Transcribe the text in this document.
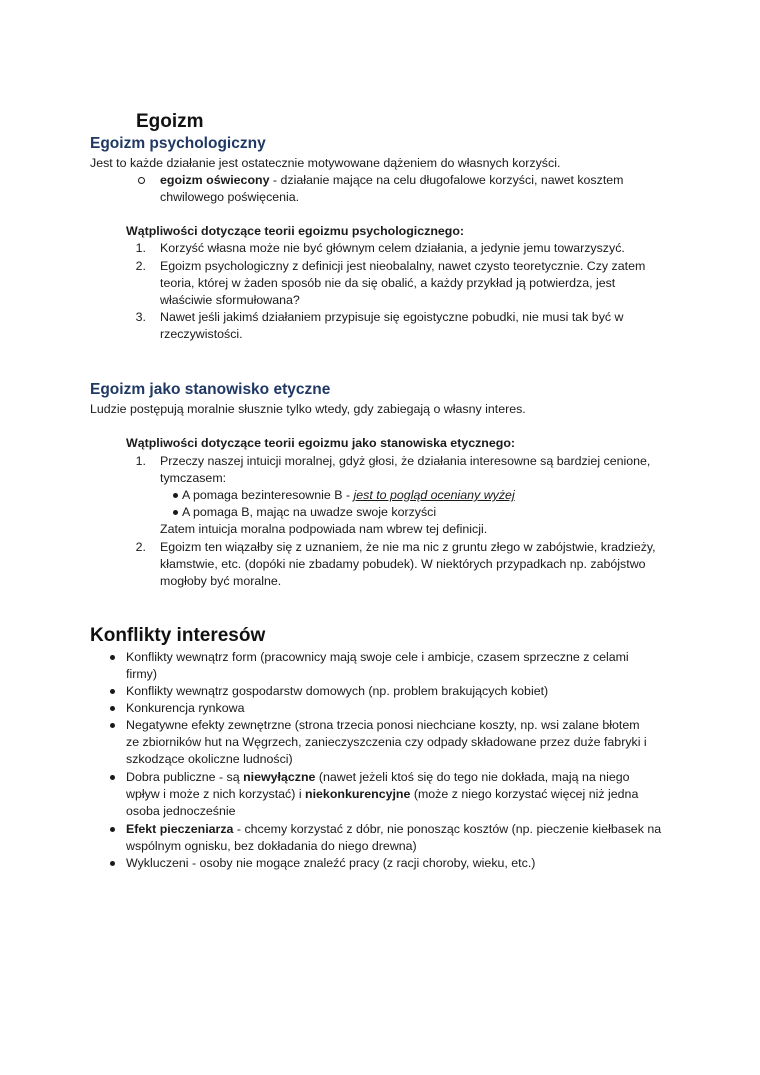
Egoizm
Egoizm psychologiczny
Jest to każde działanie jest ostatecznie motywowane dążeniem do własnych korzyści.
egoizm oświecony - działanie mające na celu długofalowe korzyści, nawet kosztem
chwilowego poświęcenia.
Wątpliwości dotyczące teorii egoizmu psychologicznego:
1. Korzyść własna może nie być głównym celem działania, a jedynie jemu towarzyszyć.
2. Egoizm psychologiczny z definicji jest nieobalalny, nawet czysto teoretycznie. Czy zatem
teoria, której w żaden sposób nie da się obalić, a każdy przykład ją potwierdza, jest
właściwie sformułowana?
3. Nawet jeśli jakimś działaniem przypisuje się egoistyczne pobudki, nie musi tak być w
rzeczywistości.
Egoizm jako stanowisko etyczne
Ludzie postępują moralnie słusznie tylko wtedy, gdy zabiegają o własny interes.
Wątpliwości dotyczące teorii egoizmu jako stanowiska etycznego:
1. Przeczy naszej intuicji moralnej, gdyż głosi, że działania interesowne są bardziej cenione,
tymczasem:
A pomaga bezinteresownie B - jest to pogląd oceniany wyżej
A pomaga B, mając na uwadze swoje korzyści
Zatem intuicja moralna podpowiada nam wbrew tej definicji.
2. Egoizm ten wiązałby się z uznaniem, że nie ma nic z gruntu złego w zabójstwie, kradzieży,
kłamstwie, etc. (dopóki nie zbadamy pobudek). W niektórych przypadkach np. zabójstwo
mogłoby być moralne.
Konflikty interesów
Konflikty wewnątrz form (pracownicy mają swoje cele i ambicje, czasem sprzeczne z celami
firmy)
Konflikty wewnątrz gospodarstw domowych (np. problem brakujących kobiet)
Konkurencja rynkowa
Negatywne efekty zewnętrzne (strona trzecia ponosi niechciane koszty, np. wsi zalane błotem
ze zbiorników hut na Węgrzech, zanieczyszczenia czy odpady składowane przez duże fabryki i
szkodzące okoliczne ludności)
Dobra publiczne - są niewyłączne (nawet jeżeli ktoś się do tego nie dokłada, mają na niego
wpływ i może z nich korzystać) i niekonkurencyjne (może z niego korzystać więcej niż jedna
osoba jednocześnie
Efekt pieczeniarza - chcemy korzystać z dóbr, nie ponosząc kosztów (np. pieczenie kiełbasek na
wspólnym ognisku, bez dokładania do niego drewna)
Wykluczeni - osoby nie mogące znaleźć pracy (z racji choroby, wieku, etc.)
